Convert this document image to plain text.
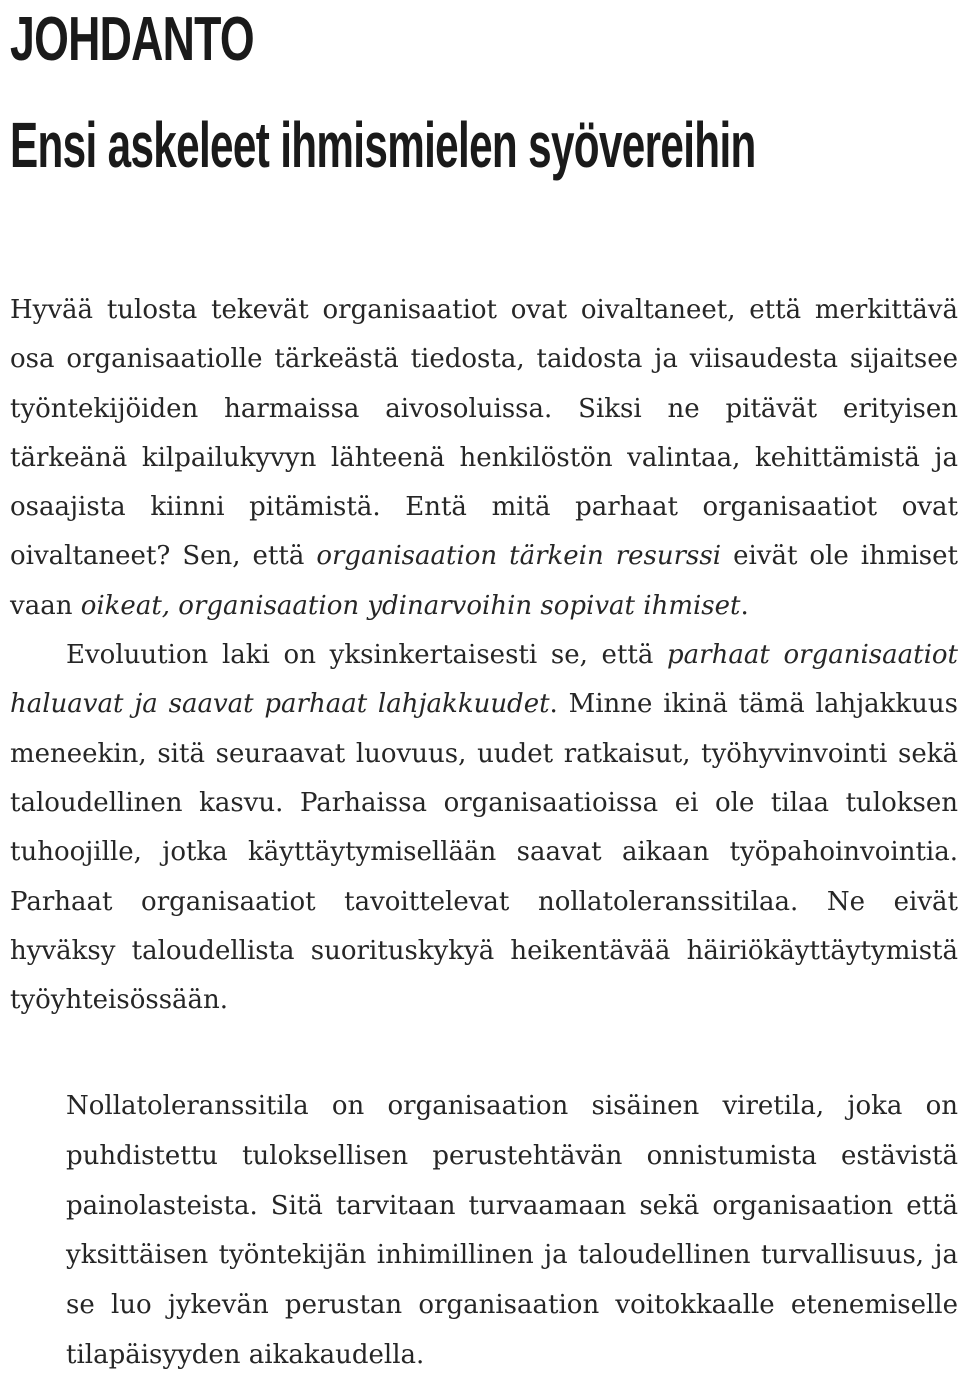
JOHDANTO
Ensi askeleet ihmismielen syövereihin

Hyvää tulosta tekevät organisaatiot ovat oivaltaneet, että merkittävä osa organisaatiolle tärkeästä tiedosta, taidosta ja viisaudesta sijaitsee työntekijöiden harmaissa aivosoluissa. Siksi ne pitävät erityisen tärkeänä kilpailukyvyn lähteenä henkilöstön valintaa, kehittämistä ja osaajista kiinni pitämistä. Entä mitä parhaat organisaatiot ovat oivaltaneet? Sen, että organisaation tärkein resurssi eivät ole ihmiset vaan oikeat, organisaation ydinarvoihin sopivat ihmiset.

Evoluution laki on yksinkertaisesti se, että parhaat organisaatiot haluavat ja saavat parhaat lahjakkuudet. Minne ikinä tämä lahjakkuus meneekin, sitä seuraavat luovuus, uudet ratkaisut, työhyvinvointi sekä taloudellinen kasvu. Parhaissa organisaatioissa ei ole tilaa tuloksen tuhoojille, jotka käyttäytymisellään saavat aikaan työpahoinvointia. Parhaat organisaatiot tavoittelevat nollatoleranssitilaa. Ne eivät hyväksy taloudellista suorituskykyä heikentävää häiriökäyttäytymistä työyhteisössään.

Nollatoleranssitila on organisaation sisäinen viretila, joka on puhdistettu tuloksellisen perustehtävän onnistumista estävistä painolasteista. Sitä tarvitaan turvaamaan sekä organisaation että yksittäisen työntekijän inhimillinen ja taloudellinen turvallisuus, ja se luo jykevän perustan organisaation voitokkaalle etenemiselle tilapäisyyden aikakaudella.
